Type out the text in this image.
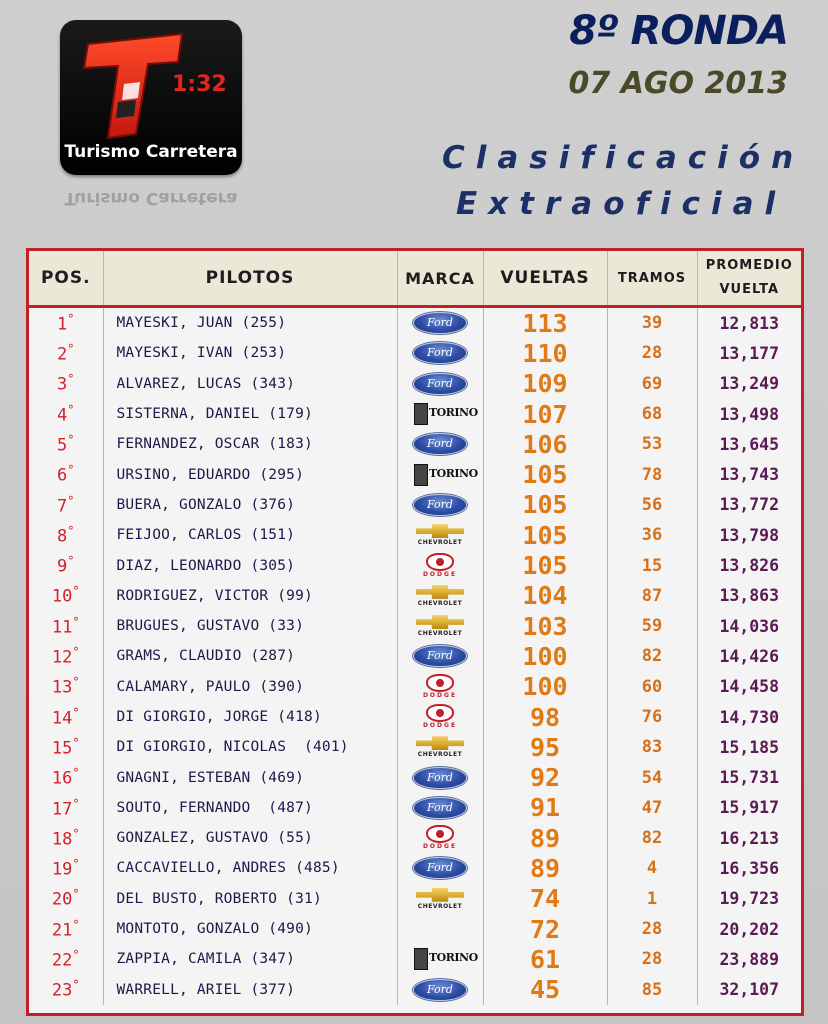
1:32
Turismo Carretera
Turismo Carretera
8º RONDA
07 AGO 2013
Clasificación
Extraoficial
POS.	PILOTOS	MARCA	VUELTAS	TRAMOS	PROMEDIO
VUELTA
1°	MAYESKI, JUAN (255)	Ford	113	39	12,813
2°	MAYESKI, IVAN (253)	Ford	110	28	13,177
3°	ALVAREZ, LUCAS (343)	Ford	109	69	13,249
4°	SISTERNA, DANIEL (179)	TORINO	107	68	13,498
5°	FERNANDEZ, OSCAR (183)	Ford	106	53	13,645
6°	URSINO, EDUARDO (295)	TORINO	105	78	13,743
7°	BUERA, GONZALO (376)	Ford	105	56	13,772
8°	FEIJOO, CARLOS (151)	CHEVROLET	105	36	13,798
9°	DIAZ, LEONARDO (305)	DODGE	105	15	13,826
10°	RODRIGUEZ, VICTOR (99)	CHEVROLET	104	87	13,863
11°	BRUGUES, GUSTAVO (33)	CHEVROLET	103	59	14,036
12°	GRAMS, CLAUDIO (287)	Ford	100	82	14,426
13°	CALAMARY, PAULO (390)	DODGE	100	60	14,458
14°	DI GIORGIO, JORGE (418)	DODGE	98	76	14,730
15°	DI GIORGIO, NICOLAS  (401)	CHEVROLET	95	83	15,185
16°	GNAGNI, ESTEBAN (469)	Ford	92	54	15,731
17°	SOUTO, FERNANDO  (487)	Ford	91	47	15,917
18°	GONZALEZ, GUSTAVO (55)	DODGE	89	82	16,213
19°	CACCAVIELLO, ANDRES (485)	Ford	89	4	16,356
20°	DEL BUSTO, ROBERTO (31)	CHEVROLET	74	1	19,723
21°	MONTOTO, GONZALO (490)		72	28	20,202
22°	ZAPPIA, CAMILA (347)	TORINO	61	28	23,889
23°	WARRELL, ARIEL (377)	Ford	45	85	32,107
